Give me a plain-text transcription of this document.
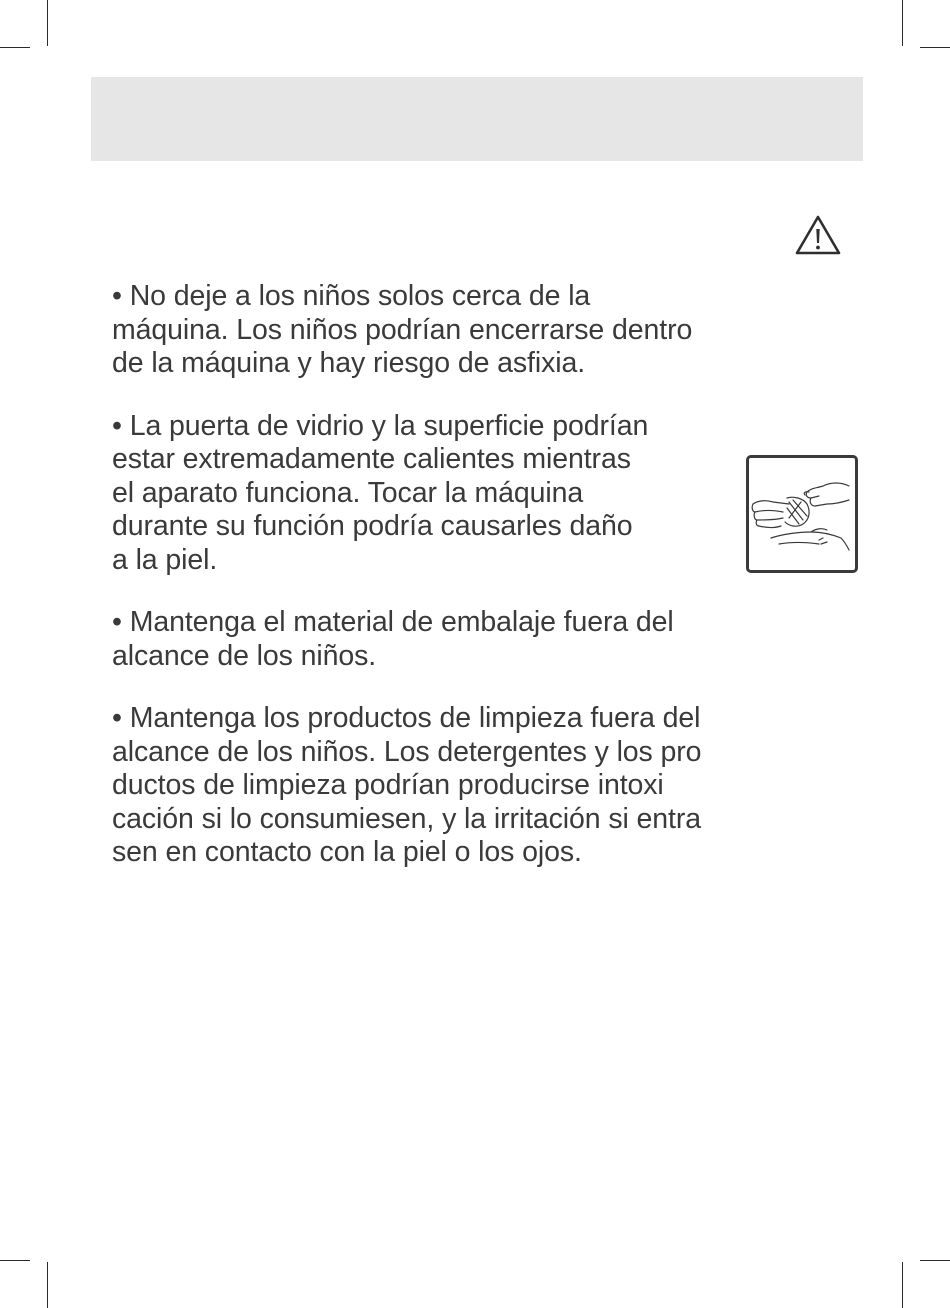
• No deje a los niños solos cerca de la
máquina. Los niños podrían encerrarse dentro
de la máquina y hay riesgo de asfixia.

• La puerta de vidrio y la superficie podrían
estar extremadamente calientes mientras
el aparato funciona. Tocar la máquina
durante su función podría causarles daño
a la piel.

• Mantenga el material de embalaje fuera del
alcance de los niños.

• Mantenga los productos de limpieza fuera del
alcance de los niños. Los detergentes y los pro
ductos de limpieza podrían producirse intoxi
cación si lo consumiesen, y la irritación si entra
sen en contacto con la piel o los ojos.
